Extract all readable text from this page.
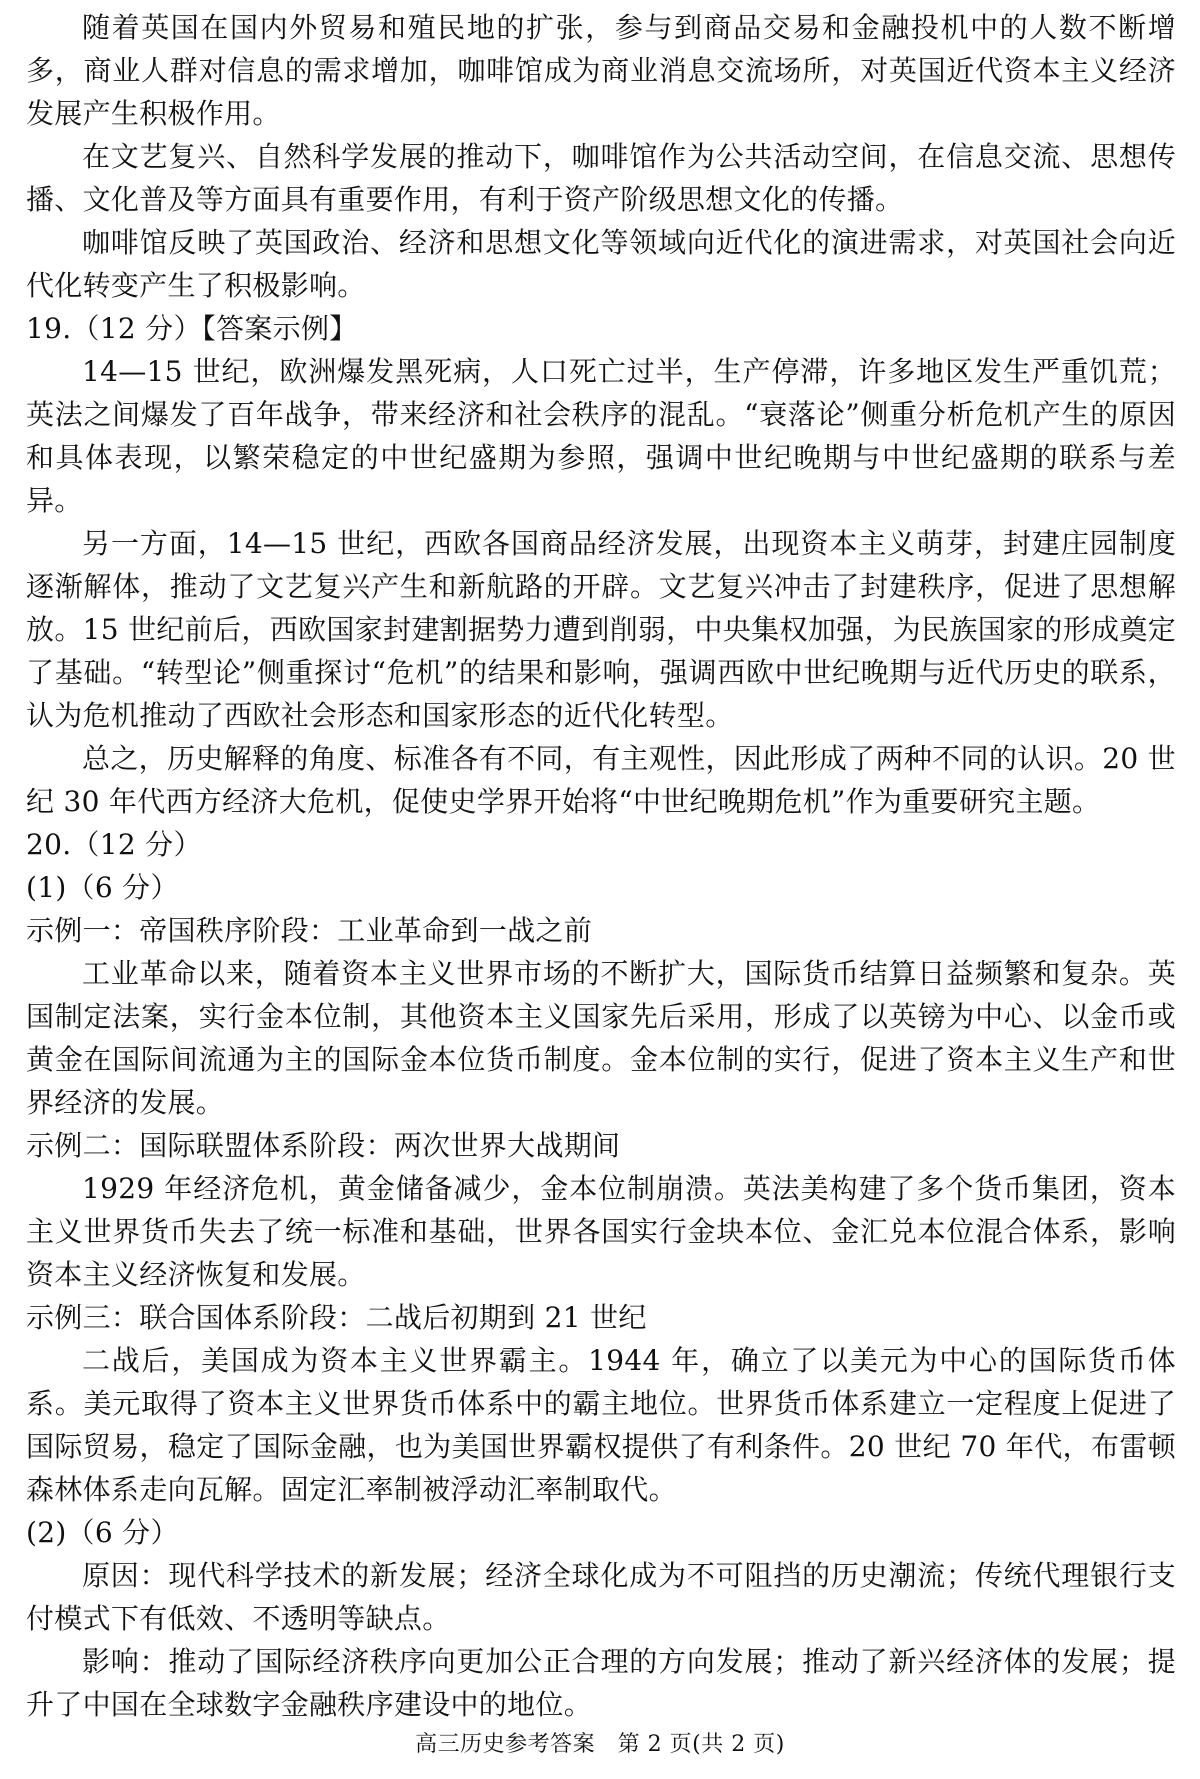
随着英国在国内外贸易和殖民地的扩张，参与到商品交易和金融投机中的人数不断增多，商业人群对信息的需求增加，咖啡馆成为商业消息交流场所，对英国近代资本主义经济发展产生积极作用。

在文艺复兴、自然科学发展的推动下，咖啡馆作为公共活动空间，在信息交流、思想传播、文化普及等方面具有重要作用，有利于资产阶级思想文化的传播。

咖啡馆反映了英国政治、经济和思想文化等领域向近代化的演进需求，对英国社会向近代化转变产生了积极影响。

19.（12 分）【答案示例】

14—15 世纪，欧洲爆发黑死病，人口死亡过半，生产停滞，许多地区发生严重饥荒；英法之间爆发了百年战争，带来经济和社会秩序的混乱。“衰落论”侧重分析危机产生的原因和具体表现，以繁荣稳定的中世纪盛期为参照，强调中世纪晚期与中世纪盛期的联系与差异。

另一方面，14—15 世纪，西欧各国商品经济发展，出现资本主义萌芽，封建庄园制度逐渐解体，推动了文艺复兴产生和新航路的开辟。文艺复兴冲击了封建秩序，促进了思想解放。15 世纪前后，西欧国家封建割据势力遭到削弱，中央集权加强，为民族国家的形成奠定了基础。“转型论”侧重探讨“危机”的结果和影响，强调西欧中世纪晚期与近代历史的联系，认为危机推动了西欧社会形态和国家形态的近代化转型。

总之，历史解释的角度、标准各有不同，有主观性，因此形成了两种不同的认识。20 世纪 30 年代西方经济大危机，促使史学界开始将“中世纪晚期危机”作为重要研究主题。

20.（12 分）

(1)（6 分）

示例一：帝国秩序阶段：工业革命到一战之前

工业革命以来，随着资本主义世界市场的不断扩大，国际货币结算日益频繁和复杂。英国制定法案，实行金本位制，其他资本主义国家先后采用，形成了以英镑为中心、以金币或黄金在国际间流通为主的国际金本位货币制度。金本位制的实行，促进了资本主义生产和世界经济的发展。

示例二：国际联盟体系阶段：两次世界大战期间

1929 年经济危机，黄金储备减少，金本位制崩溃。英法美构建了多个货币集团，资本主义世界货币失去了统一标准和基础，世界各国实行金块本位、金汇兑本位混合体系，影响资本主义经济恢复和发展。

示例三：联合国体系阶段：二战后初期到 21 世纪

二战后，美国成为资本主义世界霸主。1944 年，确立了以美元为中心的国际货币体系。美元取得了资本主义世界货币体系中的霸主地位。世界货币体系建立一定程度上促进了国际贸易，稳定了国际金融，也为美国世界霸权提供了有利条件。20 世纪 70 年代，布雷顿森林体系走向瓦解。固定汇率制被浮动汇率制取代。

(2)（6 分）

原因：现代科学技术的新发展；经济全球化成为不可阻挡的历史潮流；传统代理银行支付模式下有低效、不透明等缺点。

影响：推动了国际经济秩序向更加公正合理的方向发展；推动了新兴经济体的发展；提升了中国在全球数字金融秩序建设中的地位。

高三历史参考答案　第 2 页(共 2 页)
